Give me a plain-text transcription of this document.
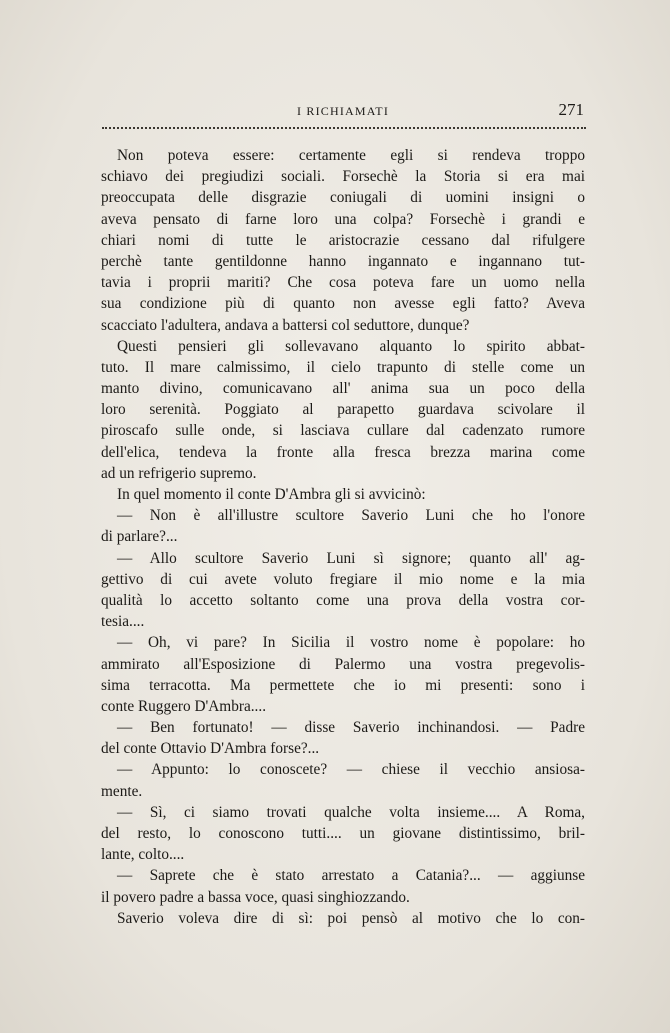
I RICHIAMATI	271
Non poteva essere: certamente egli si rendeva troppo
schiavo dei pregiudizi sociali. Forsechè la Storia si era mai
preoccupata delle disgrazie coniugali di uomini insigni o
aveva pensato di farne loro una colpa? Forsechè i grandi e
chiari nomi di tutte le aristocrazie cessano dal rifulgere
perchè tante gentildonne hanno ingannato e ingannano tut-
tavia i proprii mariti? Che cosa poteva fare un uomo nella
sua condizione più di quanto non avesse egli fatto? Aveva
scacciato l'adultera, andava a battersi col seduttore, dunque?
Questi pensieri gli sollevavano alquanto lo spirito abbat-
tuto. Il mare calmissimo, il cielo trapunto di stelle come un
manto divino, comunicavano all' anima sua un poco della
loro serenità. Poggiato al parapetto guardava scivolare il
piroscafo sulle onde, si lasciava cullare dal cadenzato rumore
dell'elica, tendeva la fronte alla fresca brezza marina come
ad un refrigerio supremo.
In quel momento il conte D'Ambra gli si avvicinò:
— Non è all'illustre scultore Saverio Luni che ho l'onore
di parlare?...
— Allo scultore Saverio Luni sì signore; quanto all' ag-
gettivo di cui avete voluto fregiare il mio nome e la mia
qualità lo accetto soltanto come una prova della vostra cor-
tesia....
— Oh, vi pare? In Sicilia il vostro nome è popolare: ho
ammirato all'Esposizione di Palermo una vostra pregevolis-
sima terracotta. Ma permettete che io mi presenti: sono i
conte Ruggero D'Ambra....
— Ben fortunato! — disse Saverio inchinandosi. — Padre
del conte Ottavio D'Ambra forse?...
— Appunto: lo conoscete? — chiese il vecchio ansiosa-
mente.
— Sì, ci siamo trovati qualche volta insieme.... A Roma,
del resto, lo conoscono tutti.... un giovane distintissimo, bril-
lante, colto....
— Saprete che è stato arrestato a Catania?... — aggiunse
il povero padre a bassa voce, quasi singhiozzando.
Saverio voleva dire di sì: poi pensò al motivo che lo con-
